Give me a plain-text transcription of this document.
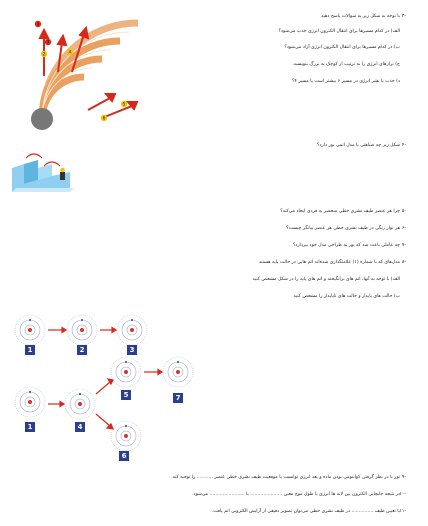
۳-
با توجه به شکل زیر به سوالات پاسخ دهید
الف) در کدام مسیرها برای انتقال الکترون انرژی جذب می‌شود؟
ب) در کدام مسیرها برای انتقال الکترون انرژی آزاد می‌شود؟
ج) ترازهای انرژی را به ترتیب از کوچک به بزرگ بنویسید.
د) جذب یا نشر انرژی در مسیر ۶ بیشتر است یا مسیر ۴؟
1
2
3
4
5
6
۴-
شکل زیر چه شباهتی با مدل اتمی بور دارد؟
۵-
چرا هر عنصر طیف نشری خطی منحصر به فردی ایجاد می‌کند؟
۶-
هر نوار رنگی در طیف نشری خطی هر عنصر بیانگر چیست؟
۷-
چه عاملی باعث شد که بور به طراحی مدل خود بپردازد؟
۸-
مدل‌های که با شماره (۱) علامتگذاری شده‌اند اتم هایی در حالت پایه هستند
الف) با توجه به آنها، اتم های برانگیخته و اتم های پایه را در شکل مشخص کنید
ب) حالت های پایدار و حالت های ناپایدار را مشخص کنید
1	2	3
1	4
5	7
6
۹-
نور با در نظر گرفتن کوانتومی بودن ماده و بعد انرژی توانست با موقعیت طیف نشری خطی عنصر ........... را توجیه کند.
۱۰-
در نتیجه جابجایی الکترون بین لایه ها انرژی با طول موج معین ...................... یا ........................ می‌شود.
۱۱-
با تعیین طیف ............... در طیف نشری خطی می‌توان تصویر دقیقی از آرایش الکترونی اتم یافت.
